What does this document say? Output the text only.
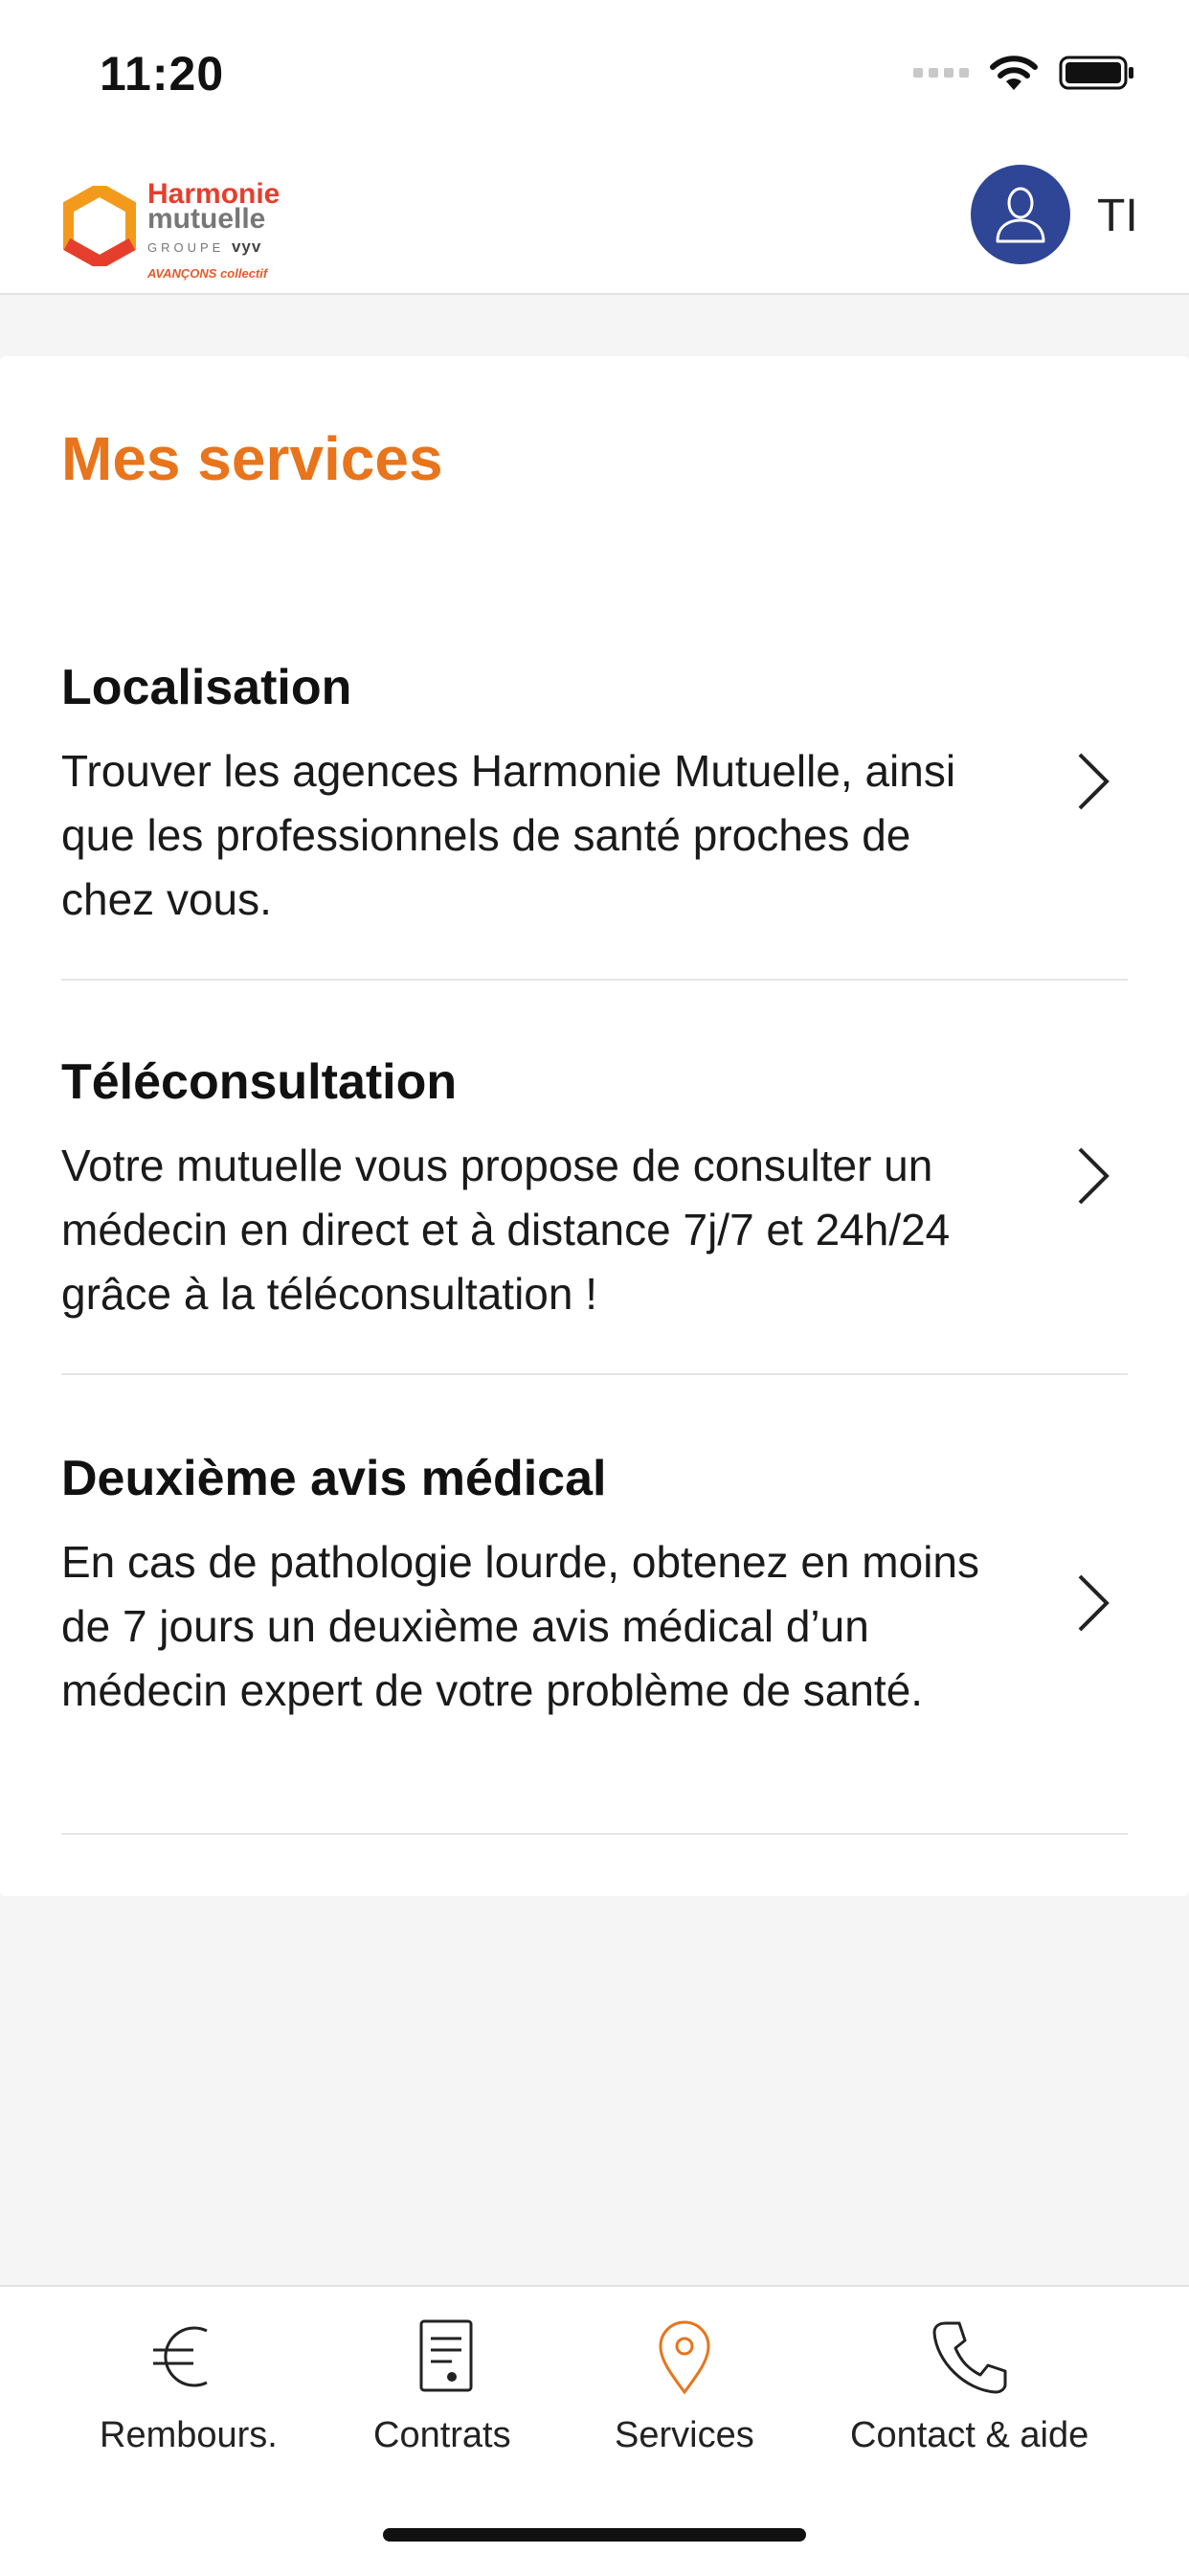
11:20
Harmonie
mutuelle
GROUPE vyv
AVANÇONS collectif
TI
Mes services
Localisation
Trouver les agences Harmonie Mutuelle, ainsi que les professionnels de santé proches de chez vous.
Téléconsultation
Votre mutuelle vous propose de consulter un médecin en direct et à distance 7j/7 et 24h/24 grâce à la téléconsultation !
Deuxième avis médical
En cas de pathologie lourde, obtenez en moins de 7 jours un deuxième avis médical d’un médecin expert de votre problème de santé.
Rembours.	Contrats	Services	Contact & aide
